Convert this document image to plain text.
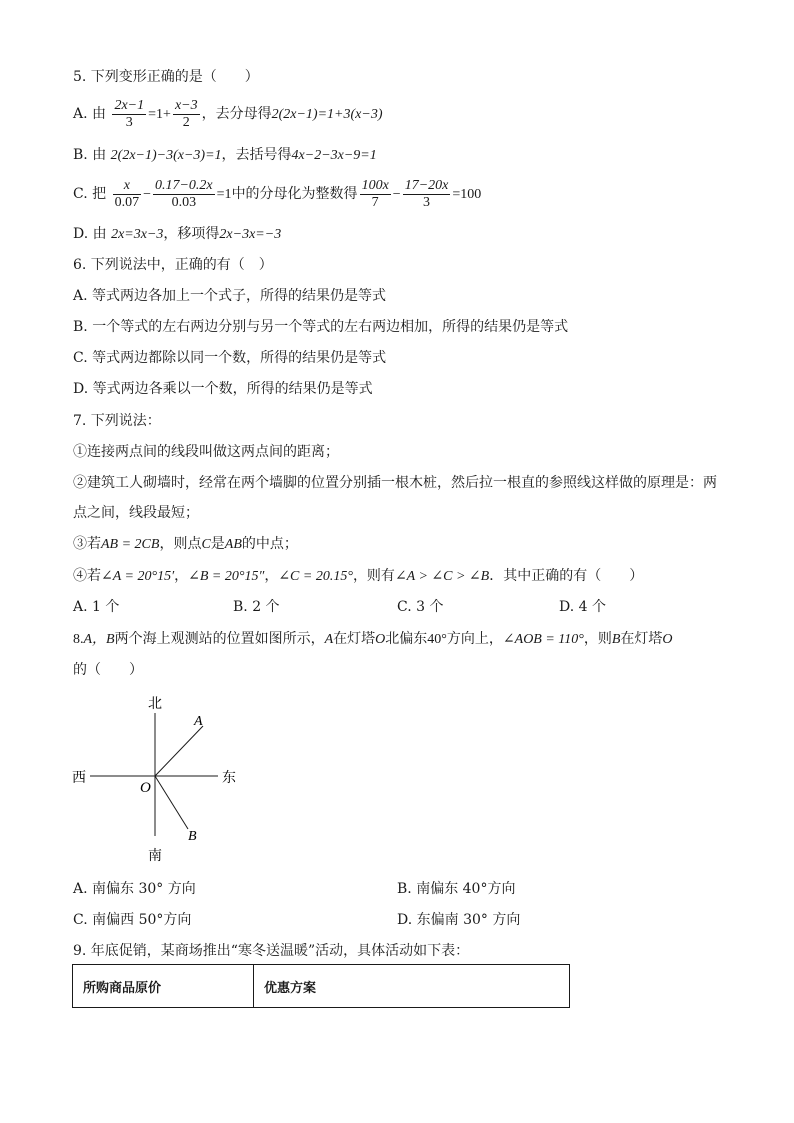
5. 下列变形正确的是（　　）
A. 由 $\frac{2x-1}{3} =1+ \frac{x-3}{2}$ ，去分母得2(2x−1)=1+3(x−3)
B. 由 2(2x−1)−3(x−3)=1，去括号得4x−2−3x−9=1
C. 把 $\frac{x}{0.07} - \frac{0.17-0.2x}{0.03} =1$中的分母化为整数得 $\frac{100x}{7} - \frac{17-20x}{3} =100$
D. 由 2x=3x−3，移项得2x−3x=−3
6. 下列说法中，正确的有（　）
A. 等式两边各加上一个式子，所得的结果仍是等式
B. 一个等式的左右两边分别与另一个等式的左右两边相加，所得的结果仍是等式
C. 等式两边都除以同一个数，所得的结果仍是等式
D. 等式两边各乘以一个数，所得的结果仍是等式
7. 下列说法：
①连接两点间的线段叫做这两点间的距离；
②建筑工人砌墙时，经常在两个墙脚的位置分别插一根木桩，然后拉一根直的参照线这样做的原理是：两
点之间，线段最短；
③若AB = 2CB，则点C是AB的中点；
④若∠A = 20°15′，∠B = 20°15″，∠C = 20.15°，则有∠A > ∠C > ∠B．其中正确的有（　　）
A. 1 个	B. 2 个	C. 3 个	D. 4 个
8.A，B两个海上观测站的位置如图所示，A在灯塔O北偏东40°方向上，∠AOB = 110°，则B在灯塔O
的（　　）
北
南
西	东
O
A
B
A. 南偏东 30° 方向	B. 南偏东 40°方向
C. 南偏西 50°方向	D. 东偏南 30° 方向
9. 年底促销，某商场推出“寒冬送温暖”活动，具体活动如下表：
所购商品原价	优惠方案
